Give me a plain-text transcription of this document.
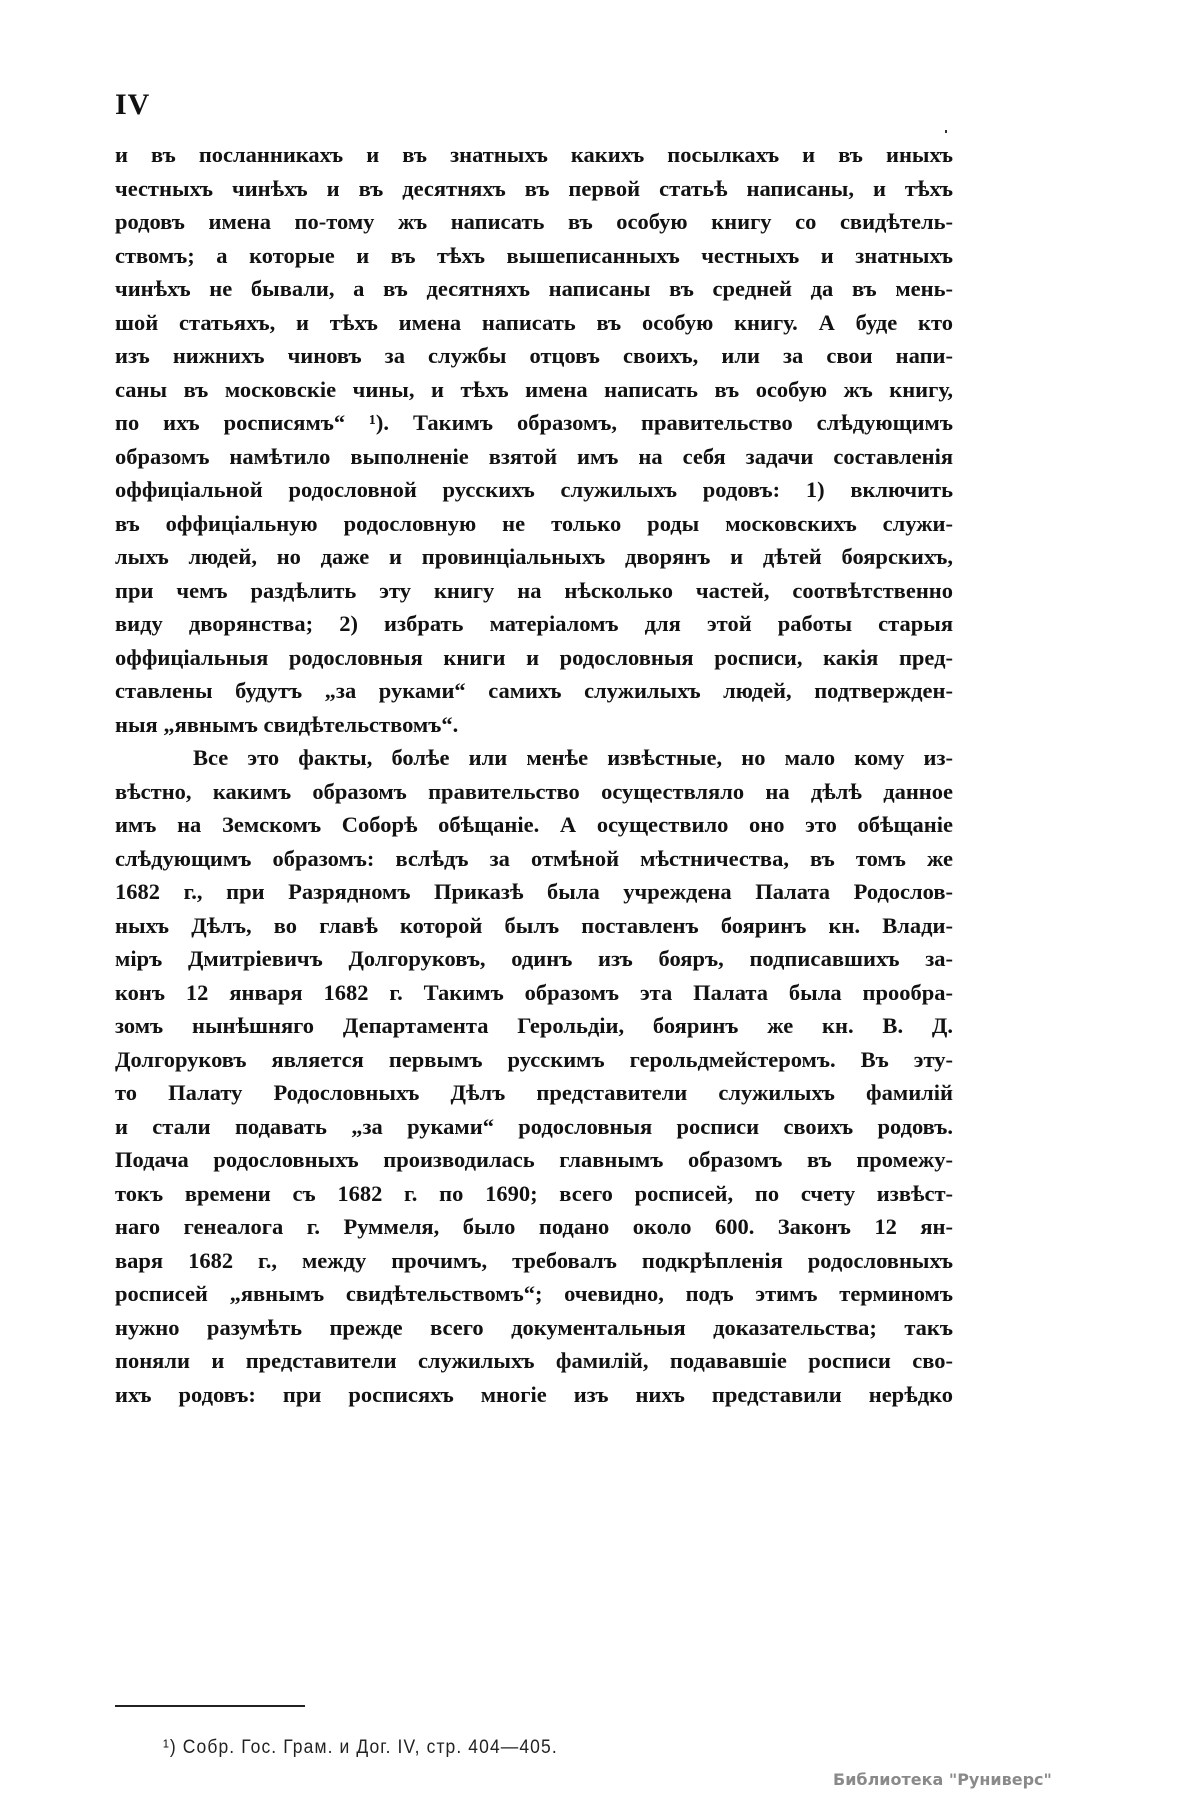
IV
и въ посланникахъ и въ знатныхъ какихъ посылкахъ и въ иныхъ
честныхъ чинѣхъ и въ десятняхъ въ первой статьѣ написаны, и тѣхъ
родовъ имена по-тому жъ написать въ особую книгу со свидѣтель-
ствомъ; а которые и въ тѣхъ вышеписанныхъ честныхъ и знатныхъ
чинѣхъ не бывали, а въ десятняхъ написаны въ средней да въ мень-
шой статьяхъ, и тѣхъ имена написать въ особую книгу. А буде кто
изъ нижнихъ чиновъ за службы отцовъ своихъ, или за свои напи-
саны въ московскіе чины, и тѣхъ имена написать въ особую жъ книгу,
по ихъ росписямъ“ ¹). Такимъ образомъ, правительство слѣдующимъ
образомъ намѣтило выполненіе взятой имъ на себя задачи составленія
оффиціальной родословной русскихъ служилыхъ родовъ: 1) включить
въ оффиціальную родословную не только роды московскихъ служи-
лыхъ людей, но даже и провинціальныхъ дворянъ и дѣтей боярскихъ,
при чемъ раздѣлить эту книгу на нѣсколько частей, соотвѣтственно
виду дворянства; 2) избрать матеріаломъ для этой работы старыя
оффиціальныя родословныя книги и родословныя росписи, какія пред-
ставлены будутъ „за руками“ самихъ служилыхъ людей, подтвержден-
ныя „явнымъ свидѣтельствомъ“.
Все это факты, болѣе или менѣе извѣстные, но мало кому из-
вѣстно, какимъ образомъ правительство осуществляло на дѣлѣ данное
имъ на Земскомъ Соборѣ обѣщаніе. А осуществило оно это обѣщаніе
слѣдующимъ образомъ: вслѣдъ за отмѣной мѣстничества, въ томъ же
1682 г., при Разрядномъ Приказѣ была учреждена Палата Родослов-
ныхъ Дѣлъ, во главѣ которой былъ поставленъ бояринъ кн. Влади-
міръ Дмитріевичъ Долгоруковъ, одинъ изъ бояръ, подписавшихъ за-
конъ 12 января 1682 г. Такимъ образомъ эта Палата была прообра-
зомъ нынѣшняго Департамента Герольдіи, бояринъ же кн. В. Д.
Долгоруковъ является первымъ русскимъ герольдмейстеромъ. Въ эту-
то Палату Родословныхъ Дѣлъ представители служилыхъ фамилій
и стали подавать „за руками“ родословныя росписи своихъ родовъ.
Подача родословныхъ производилась главнымъ образомъ въ промежу-
токъ времени съ 1682 г. по 1690; всего росписей, по счету извѣст-
наго генеалога г. Руммеля, было подано около 600. Законъ 12 ян-
варя 1682 г., между прочимъ, требовалъ подкрѣпленія родословныхъ
росписей „явнымъ свидѣтельствомъ“; очевидно, подъ этимъ терминомъ
нужно разумѣть прежде всего документальныя доказательства; такъ
поняли и представители служилыхъ фамилій, подававшіе росписи сво-
ихъ родовъ: при росписяхъ многіе изъ нихъ представили нерѣдко
¹) Собр. Гос. Грам. и Дог. IV, стр. 404—405.
Библиотека "Руниверс"
